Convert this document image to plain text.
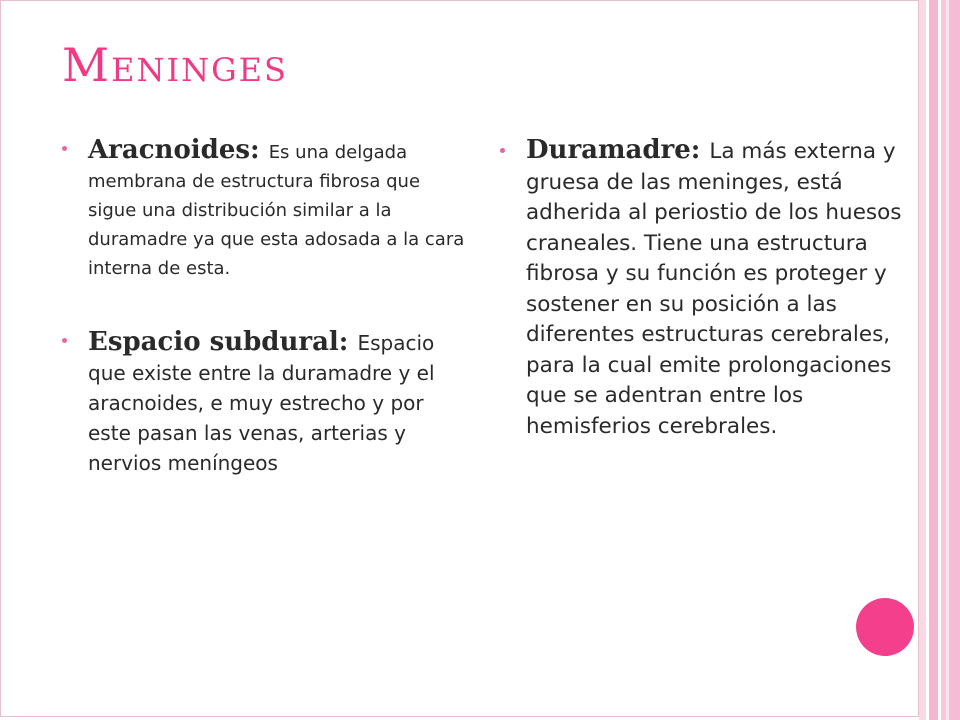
Meninges
Aracnoides: Es una delgada membrana de estructura fibrosa que sigue una distribución similar a la duramadre ya que esta adosada a la cara interna de esta.
Espacio subdural: Espacio que existe entre la duramadre y el aracnoides, e muy estrecho y por este pasan las venas, arterias y nervios meníngeos
Duramadre: La más externa y gruesa de las meninges, está adherida al periostio de los huesos craneales. Tiene una estructura fibrosa y su función es proteger y sostener en su posición a las diferentes estructuras cerebrales, para la cual emite prolongaciones que se adentran entre los hemisferios cerebrales.
